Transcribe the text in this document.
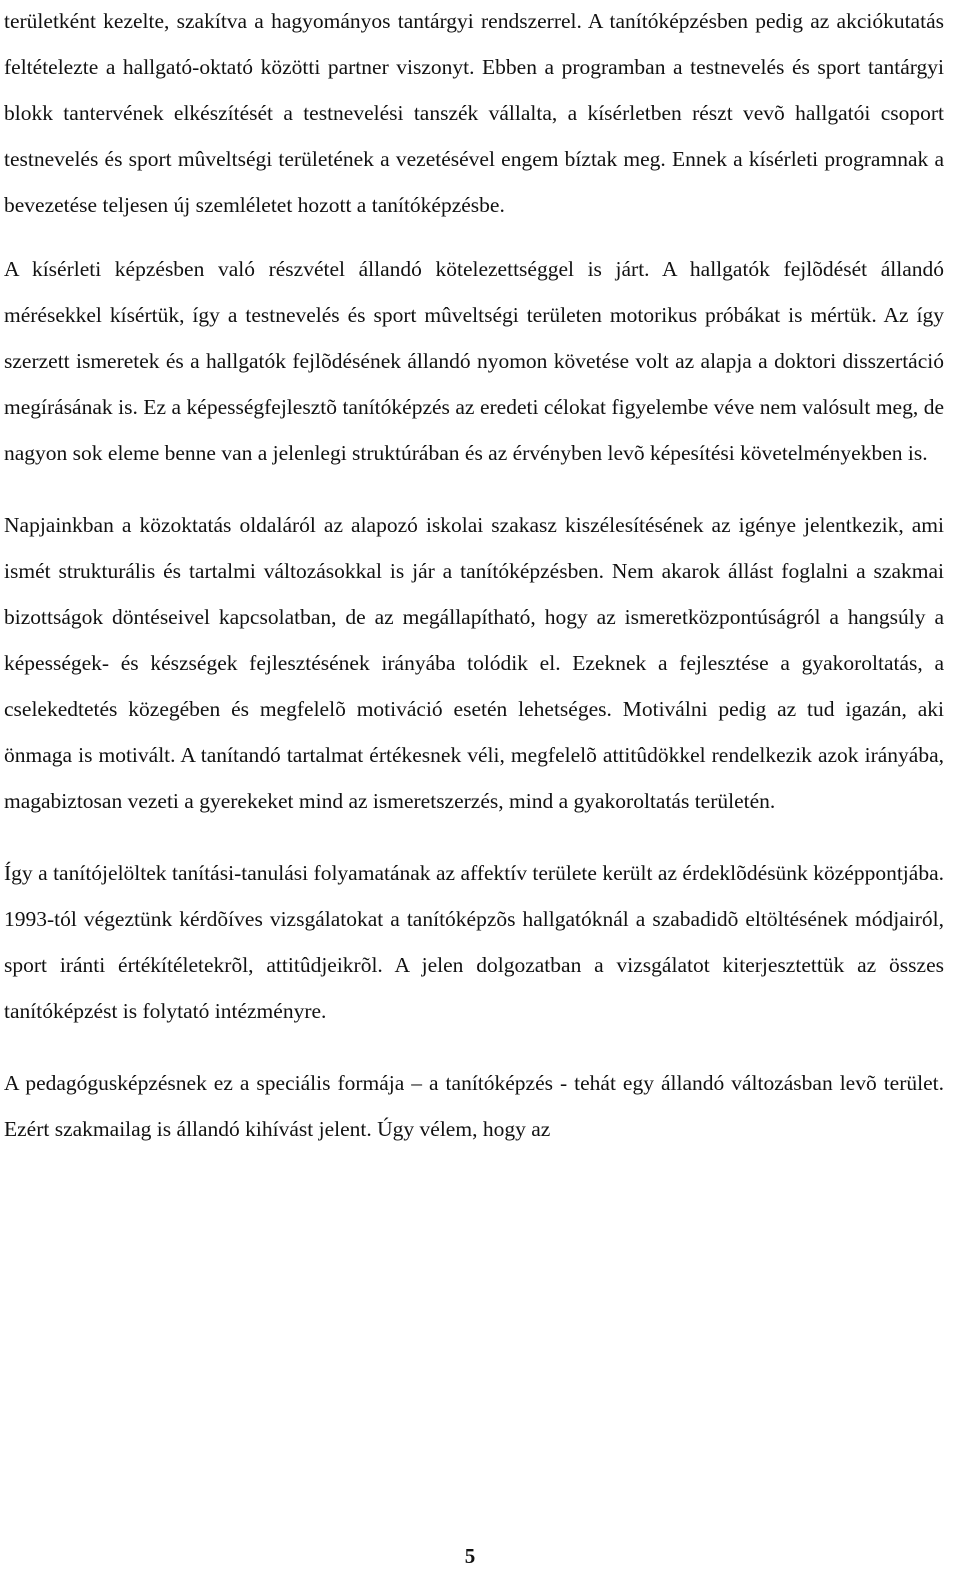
területként kezelte, szakítva a hagyományos tantárgyi rendszerrel. A tanítóképzésben pedig az akciókutatás feltételezte a hallgató-oktató közötti partner viszonyt. Ebben a programban a testnevelés és sport tantárgyi blokk tantervének elkészítését a testnevelési tanszék vállalta, a kísérletben részt vevõ hallgatói csoport testnevelés és sport mûveltségi területének a vezetésével engem bíztak meg. Ennek a kísérleti programnak a bevezetése teljesen új szemléletet hozott a tanítóképzésbe.

A kísérleti képzésben való részvétel állandó kötelezettséggel is járt. A hallgatók fejlõdését állandó mérésekkel kísértük, így a testnevelés és sport mûveltségi területen motorikus próbákat is mértük. Az így szerzett ismeretek és a hallgatók fejlõdésének állandó nyomon követése volt az alapja a doktori disszertáció megírásának is. Ez a képességfejlesztõ tanítóképzés az eredeti célokat figyelembe véve nem valósult meg, de nagyon sok eleme benne van a jelenlegi struktúrában és az érvényben levõ képesítési követelményekben is.

Napjainkban a közoktatás oldaláról az alapozó iskolai szakasz kiszélesítésének az igénye jelentkezik, ami ismét strukturális és tartalmi változásokkal is jár a tanítóképzésben. Nem akarok állást foglalni a szakmai bizottságok döntéseivel kapcsolatban, de az megállapítható, hogy az ismeretközpontúságról a hangsúly a képességek- és készségek fejlesztésének irányába tolódik el. Ezeknek a fejlesztése a gyakoroltatás, a cselekedtetés közegében és megfelelõ motiváció esetén lehetséges. Motiválni pedig az tud igazán, aki önmaga is motivált. A tanítandó tartalmat értékesnek véli, megfelelõ attitûdökkel rendelkezik azok irányába, magabiztosan vezeti a gyerekeket mind az ismeretszerzés, mind a gyakoroltatás területén.

Így a tanítójelöltek tanítási-tanulási folyamatának az affektív területe került az érdeklõdésünk középpontjába. 1993-tól végeztünk kérdõíves vizsgálatokat a tanítóképzõs hallgatóknál a szabadidõ eltöltésének módjairól, sport iránti értékítéletekrõl, attitûdjeikrõl. A jelen dolgozatban a vizsgálatot kiterjesztettük az összes tanítóképzést is folytató intézményre.

A pedagógusképzésnek ez a speciális formája – a tanítóképzés - tehát egy állandó változásban levõ terület. Ezért szakmailag is állandó kihívást jelent. Úgy vélem, hogy az

5
